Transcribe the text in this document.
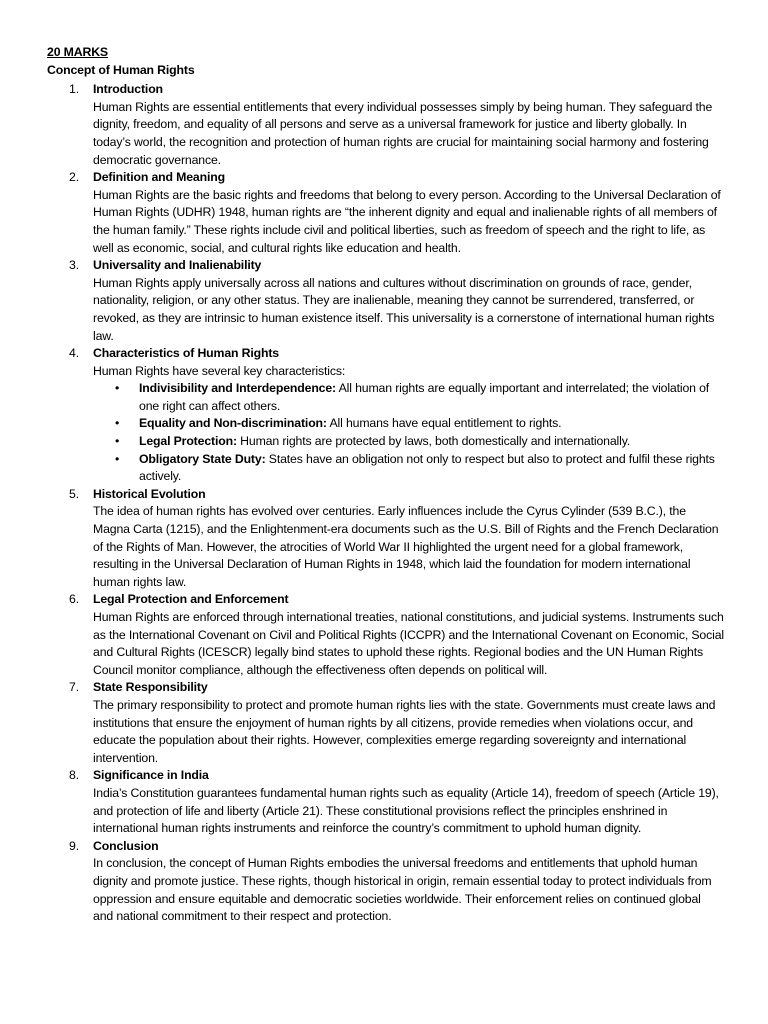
20 MARKS
Concept of Human Rights
1. Introduction
Human Rights are essential entitlements that every individual possesses simply by being human. They safeguard the dignity, freedom, and equality of all persons and serve as a universal framework for justice and liberty globally. In today’s world, the recognition and protection of human rights are crucial for maintaining social harmony and fostering democratic governance.
2. Definition and Meaning
Human Rights are the basic rights and freedoms that belong to every person. According to the Universal Declaration of Human Rights (UDHR) 1948, human rights are “the inherent dignity and equal and inalienable rights of all members of the human family.” These rights include civil and political liberties, such as freedom of speech and the right to life, as well as economic, social, and cultural rights like education and health.
3. Universality and Inalienability
Human Rights apply universally across all nations and cultures without discrimination on grounds of race, gender, nationality, religion, or any other status. They are inalienable, meaning they cannot be surrendered, transferred, or revoked, as they are intrinsic to human existence itself. This universality is a cornerstone of international human rights law.
4. Characteristics of Human Rights
Human Rights have several key characteristics:
• Indivisibility and Interdependence: All human rights are equally important and interrelated; the violation of one right can affect others.
• Equality and Non-discrimination: All humans have equal entitlement to rights.
• Legal Protection: Human rights are protected by laws, both domestically and internationally.
• Obligatory State Duty: States have an obligation not only to respect but also to protect and fulfil these rights actively.
5. Historical Evolution
The idea of human rights has evolved over centuries. Early influences include the Cyrus Cylinder (539 B.C.), the Magna Carta (1215), and the Enlightenment-era documents such as the U.S. Bill of Rights and the French Declaration of the Rights of Man. However, the atrocities of World War II highlighted the urgent need for a global framework, resulting in the Universal Declaration of Human Rights in 1948, which laid the foundation for modern international human rights law.
6. Legal Protection and Enforcement
Human Rights are enforced through international treaties, national constitutions, and judicial systems. Instruments such as the International Covenant on Civil and Political Rights (ICCPR) and the International Covenant on Economic, Social and Cultural Rights (ICESCR) legally bind states to uphold these rights. Regional bodies and the UN Human Rights Council monitor compliance, although the effectiveness often depends on political will.
7. State Responsibility
The primary responsibility to protect and promote human rights lies with the state. Governments must create laws and institutions that ensure the enjoyment of human rights by all citizens, provide remedies when violations occur, and educate the population about their rights. However, complexities emerge regarding sovereignty and international intervention.
8. Significance in India
India’s Constitution guarantees fundamental human rights such as equality (Article 14), freedom of speech (Article 19), and protection of life and liberty (Article 21). These constitutional provisions reflect the principles enshrined in international human rights instruments and reinforce the country’s commitment to uphold human dignity.
9. Conclusion
In conclusion, the concept of Human Rights embodies the universal freedoms and entitlements that uphold human dignity and promote justice. These rights, though historical in origin, remain essential today to protect individuals from oppression and ensure equitable and democratic societies worldwide. Their enforcement relies on continued global and national commitment to their respect and protection.
